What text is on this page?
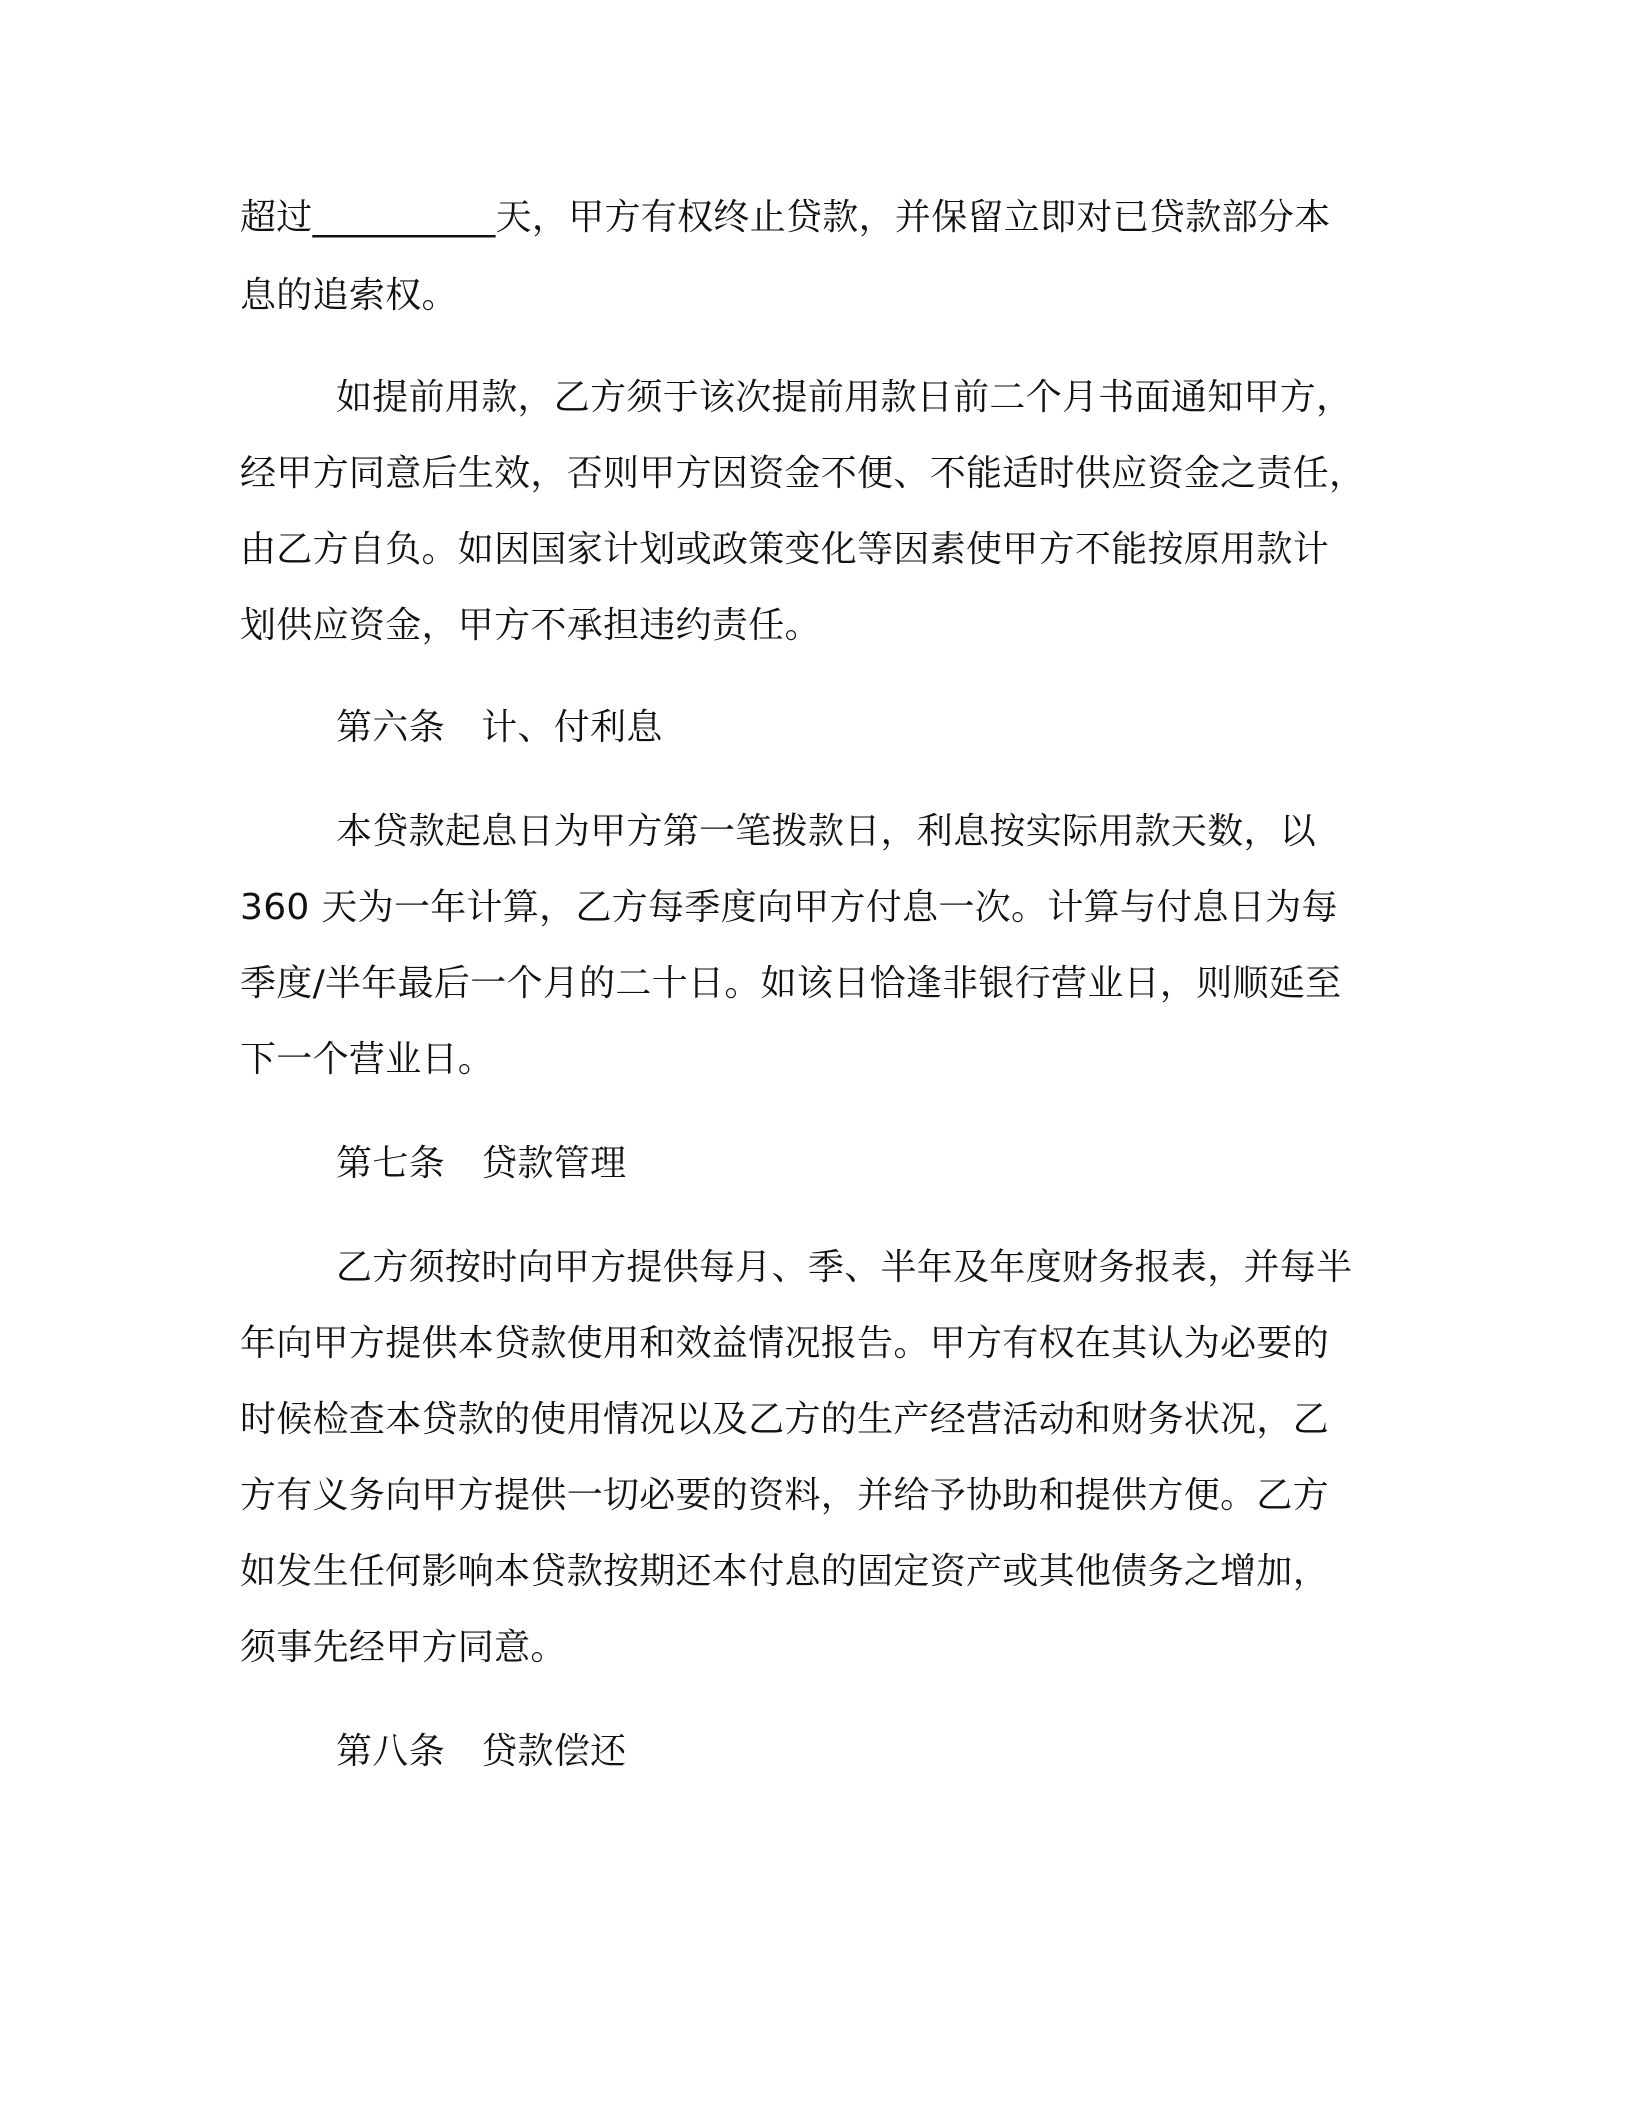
超过__________天，甲方有权终止贷款，并保留立即对已贷款部分本
息的追索权。
如提前用款，乙方须于该次提前用款日前二个月书面通知甲方，
经甲方同意后生效，否则甲方因资金不便、不能适时供应资金之责任，
由乙方自负。如因国家计划或政策变化等因素使甲方不能按原用款计
划供应资金，甲方不承担违约责任。
第六条　计、付利息
本贷款起息日为甲方第一笔拨款日，利息按实际用款天数，以
360 天为一年计算，乙方每季度向甲方付息一次。计算与付息日为每
季度/半年最后一个月的二十日。如该日恰逢非银行营业日，则顺延至
下一个营业日。
第七条　贷款管理
乙方须按时向甲方提供每月、季、半年及年度财务报表，并每半
年向甲方提供本贷款使用和效益情况报告。甲方有权在其认为必要的
时候检查本贷款的使用情况以及乙方的生产经营活动和财务状况，乙
方有义务向甲方提供一切必要的资料，并给予协助和提供方便。乙方
如发生任何影响本贷款按期还本付息的固定资产或其他债务之增加，
须事先经甲方同意。
第八条　贷款偿还
